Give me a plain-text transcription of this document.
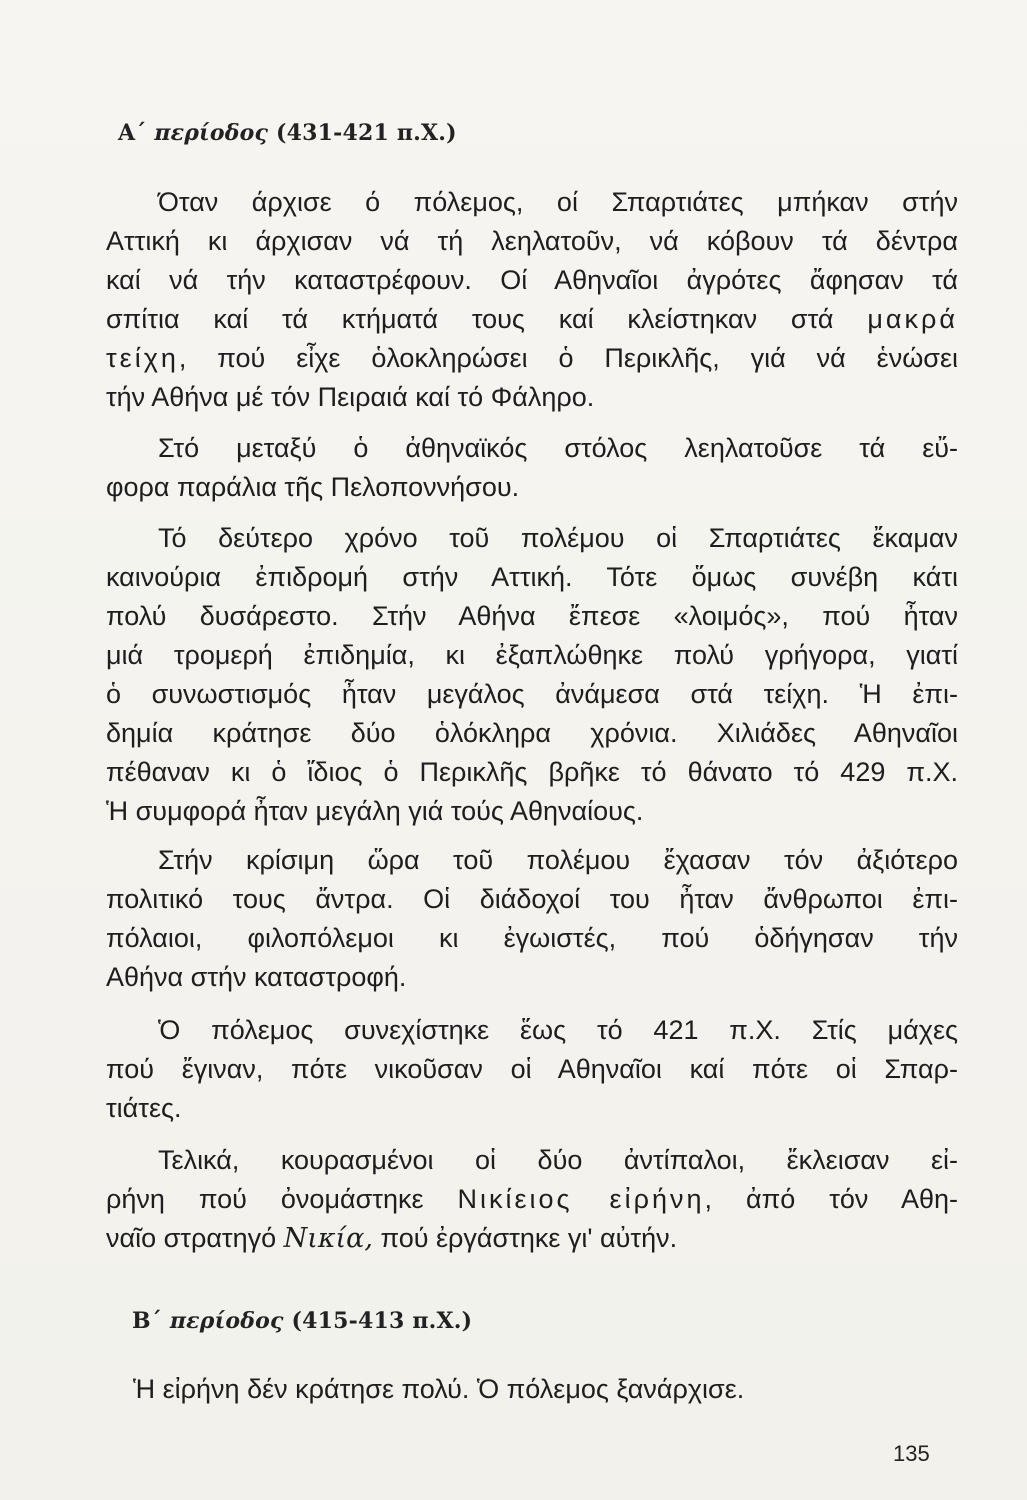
Α΄ περίοδος (431-421 π.Χ.)
Όταν άρχισε ό πόλεμος, οί Σπαρτιάτες μπήκαν στήν
Αττική κι άρχισαν νά τή λεηλατοῦν, νά κόβουν τά δέντρα
καί νά τήν καταστρέφουν. Οί Αθηναῖοι ἀγρότες ἄφησαν τά
σπίτια καί τά κτήματά τους καί κλείστηκαν στά μακρά
τείχη, πού εἶχε ὁλοκληρώσει ὁ Περικλῆς, γιά νά ἑνώσει
τήν Αθήνα μέ τόν Πειραιά καί τό Φάληρο.
Στό μεταξύ ὁ ἀθηναϊκός στόλος λεηλατοῦσε τά εὔ-
φορα παράλια τῆς Πελοποννήσου.
Τό δεύτερο χρόνο τοῦ πολέμου οἱ Σπαρτιάτες ἔκαμαν
καινούρια ἐπιδρομή στήν Αττική. Τότε ὅμως συνέβη κάτι
πολύ δυσάρεστο. Στήν Αθήνα ἔπεσε «λοιμός», πού ἦταν
μιά τρομερή ἐπιδημία, κι ἐξαπλώθηκε πολύ γρήγορα, γιατί
ὁ συνωστισμός ἦταν μεγάλος ἀνάμεσα στά τείχη. Ἡ ἐπι-
δημία κράτησε δύο ὁλόκληρα χρόνια. Χιλιάδες Αθηναῖοι
πέθαναν κι ὁ ἴδιος ὁ Περικλῆς βρῆκε τό θάνατο τό 429 π.Χ.
Ἡ συμφορά ἦταν μεγάλη γιά τούς Αθηναίους.
Στήν κρίσιμη ὥρα τοῦ πολέμου ἔχασαν τόν ἀξιότερο
πολιτικό τους ἄντρα. Οἱ διάδοχοί του ἦταν ἄνθρωποι ἐπι-
πόλαιοι, φιλοπόλεμοι κι ἐγωιστές, πού ὁδήγησαν τήν
Αθήνα στήν καταστροφή.
Ὁ πόλεμος συνεχίστηκε ἕως τό 421 π.Χ. Στίς μάχες
πού ἔγιναν, πότε νικοῦσαν οἱ Αθηναῖοι καί πότε οἱ Σπαρ-
τιάτες.
Τελικά, κουρασμένοι οἱ δύο ἀντίπαλοι, ἔκλεισαν εἰ-
ρήνη πού ὀνομάστηκε Νικίειος εἰρήνη, ἀπό τόν Αθη-
ναῖο στρατηγό Νικία, πού ἐργάστηκε γι' αὐτήν.
Β΄ περίοδος (415-413 π.Χ.)
Ἡ εἰρήνη δέν κράτησε πολύ. Ὁ πόλεμος ξανάρχισε.
135
